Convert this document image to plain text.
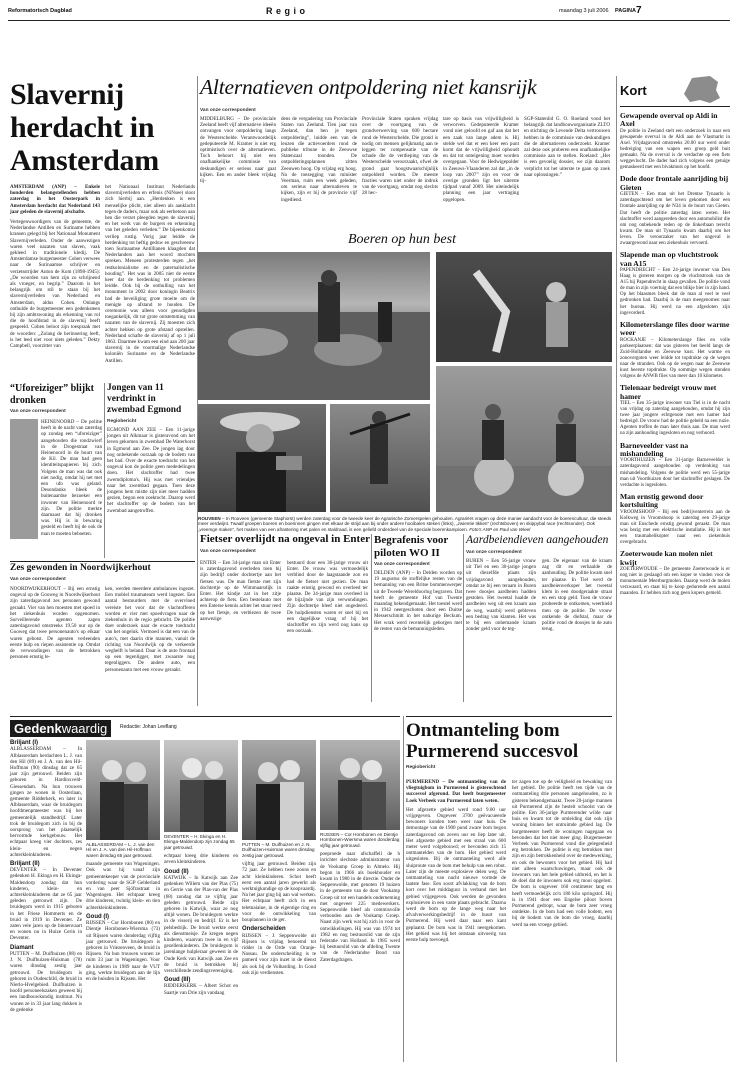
Reformatorisch Dagblad	R e g i o	maandag 3 juli 2006 PAGINA 7
Slavernij herdacht in Amsterdam
AMSTERDAM (ANP) – Enkele honderden belangstellenden hebben zaterdag in het Oosterpark in Amsterdam herdacht dat Nederland 143 jaar geleden de slavernij afschafte.
Vertegenwoordigers van de gemeente, de Nederlandse Antillen en Suriname hebben kransen gelegd bij het Nationaal Monument Slavernijverleden. Onder de aanwezigen waren veel nazaten van slaven, vaak gekleed in traditionele kledij. De Amsterdamse burgemeester Cohen verwees naar de Surinaamse schrijver en verzetsstrijder Anton de Kom (1898-1945): „De woorden van hem zijn zo schrijnend als vroeger, en begrip.” Daarom is het belangrijk om stil te staan bij het slavernijverleden van Nederland en Amsterdam, aldus Cohen. Onlangs onthulde de burgemeester een gedenksteen bij zijn ambtswoning als erkenning van rol die de hoofdstad in de slavernij heeft gespeeld. Cohen beloot zijn toespraak met de woorden: „Zolang de herinnering leeft, is het leed niet voor niets geleden.” Dekty Campbell, voorzitter van
het Nationaal Instituut Nederlands slavernijverleden en erfenis (NiNsee) sloot zich hierbij aan. „Herdenken is een menselijke plicht, niet alleen als aanklacht tegen de daders, maar ook als eerbetoon aan hen die verzet pleegden tegen de slavernij en het werk van de burgers en erkenning van het geleden verleden.” De bijeenkomst verliep rustig. Vorig jaar leidde de herdenking tot heftig geduw en geschreeuw toen Surinaamse Antillianen klaagden dat Nederlanders aan het woord mochten spreken. Meneen protesterden tegen „het restkolonialisme en de paternalistische houding”. Het was in 2005 niet de eerste keer dat de herdenking tot problemen leidde. Ook bij de onthulling van het monument in 2002 door koningin Beatrix bad de beveiliging grote moeite om de menigte op afstand te houden. De ceremonie was alleen voor genodigden toegankelijk, dit tot grote ontstemming van nazaten van de slavernij. Zij moesten zich achter hekken op grote afstand opstellen. Nederland schafte de slavernij af op 1 juli 1863. Daarmee kwam een eind aan 200 jaar slavernij in de voormalige Nederlandse koloniën Suriname en de Nederlandse Antillen.
Alternatieven ontpoldering niet kansrijk
Van onze correspondent
MIDDELBURG – De provinciale Zeeland heeft vijf alternatieve ideeën ontvangen voor ontpoldering langs de Westerschelde. Verantwoordelijk gedeputeerde M. Kramer is niet erg optimistisch over de alternatieven. Toch behoort hij niet een onafhankelijke commissie van deskundigen er serieus naar gaat kijken. Een en ander bleek vrijdag tij-
dens de vergadering van Provinciale Staten van Zeeland. Tien jaar van Zeeland, dan ben je tegen ontpoldering”, luidde een van de leuzen die actievoerders rond de publieke tribune in de Zeeuwse Statenzaal toonden. De ontpolderingsplannen zitten Zeeuwen hoog. Op vrijdag erg hoog. Na de toezegging van minister Veerman, ruim een week geleden, om serieus naar alternatieven te kijken, zijn er bij de provincie vijf ingediend.
Provinciale Staten spraken vrijdag over de voortgang van de grondverwerving van 600 hectare rond de Westerschelde. Die grond is nodig om mensen gelijkmatig aan te leggen ter compensatie van de schade die de verdieping van de Westerschelde veroorzaakt, ofwel de grond gaat hoogstwaarschijnlijk ontpolderd worden. De meeste fracties waren niet onder de indruk van de voortgang, omdat nog slechts 28 hec-
tare op basis van vrijwilligheid is verworven. Gedeputeerde Kramer vond niet geloofd en gaf aan dat het een zaak van lange adem is. Hij stelde wel dat er een keer een punt komt dat de vrijwilligheid ophoudt en dat tot onteigening moet worden overgegaan. Voor de Hedwigepolder in Zeeuws-Vlaanderen zal dat „in de loop van 2007” zijn en voor de overige gronden ligt het uiterste tijdpad vanaf 2009. Het uiteindelijk planning een jaar vertraging opgelopen.
SGP-Statenlid G. O. Roeland vond het belangrijk dat landbouworganisatie ZLTO en stichting de Levende Delta vertrouwen hebben in de commissie van deskundigen die de alternatieven onderzoekt. Kramer zal deze ook proberen een onafhankelijke commissie aan te stellen. Roeland: „Het is een gevoelig dossier, we zijn daarom verplicht tot het uiterste te gaan op zoek naar oplossingen.”
Boeren op hun best
ROUVEEN – In Rouveen (gemeente Staphorst) werden zaterdag voor de tweede keer de Agrarische Zomerspelen gehouden. Agrariërs vragen op deze manier aandacht voor de boerencultuur, die steeds meer verdwijnt. Twaalf groepen boeren en boerinnen gingen met elkaar de strijd aan bij onder andere hooibalen steken (links), „zwientie tikken” (rechtsboven) en skippybal race (rechtsonder). Ook „vreemge maken”, het maken van een afrastering met palen en staldraad, is een geliefd onderdeel van de speciale boerenkampioen. Foto's ANP en Paul van Wieel
“Uforeiziger” blijkt dronken
Van onze correspondent
HEINENOORD – De politie heeft in de nacht van zaterdag op zondag een “uforeiziger” aangehouden die rondzwierf in de Drogestraat van Heinenoord in de buurt van de Kil. De man had geen identiteitspapieren bij zich. Volgens de man was dat ook niet nodig, omdat hij net met een ufo was geland. Desondanks bleek de buitenaardse bezoeker een inwoner van Heinenoord te zijn. De politie merkte daarnaast dat hij dronken was. Hij is in bewaring gesteld en heeft bij de ook de man te moeten beboeten.
Jongen van 11 verdrinkt in zwembad Egmond
Regiobericht
EGMOND AAN ZEE – Een 11-jarige jongen uit Alkmaar is gisteravond om het leven gekomen in zwembad De Waterhorst in Egmond aan Zee. De jongen lag door nog onbekende oorzaak op de bodem van het bad. Over de exacte toedracht van het ongeval kon de politie geen mededelingen doen. Het slachtoffer had twee zwemdiploma's. Hij was met vriendjes naar het zwembad gegaan. Toen deze jongens hem mistte zijn niet meer hadden gezien, begon een zoektocht. Daarop werd het slachtoffer op de bodem van het zwembad aangetroffen.
Zes gewonden in Noordwijkerhout
Van onze correspondent
NOORDWIJKERHOUT – Bij een ernstig ongeval op de Gooweg in Noordwijkerhout zijn zaterdagavond zes personen gewond geraakt. Vier van hen moesten met spoed in het ziekenhuis worden opgenomen. Surveillerende agenten zagen zaterdagavond omstreeks 19.50 uur op de Gooweg dat twee personenauto's op elkaar waren gebotst. De agenten verleenden eerste hulp en riepen assistentie op. Omdat de verwondingen van de betrokken personen ernstig le-
ken, werden meerdere ambulances ingezet. Een mobiel traumateam werd ingezet. Een aantal bestuurders met de overvloed vereiste het voor dat de vlachtofferen worden er vier met spoedvragen naar de ziekenhuis in de regio gebracht. De politie doet onderzoek naar de exacte toedracht van het ongeluk. Vermoed is dat een van de auto's, met daarin drie mannen, vanuit de richting van Noordwijk op de verkeerde weghelft is beland. Daar is de auto frontaal op een tegenligger, met zwaarste nog tegenliggers. De andere auto, een personenauto met een vrouw geraakt.
Fietser overlijdt na ongeval in Enter
Van onze correspondent
ENTER – Een 34-jarige man uit Enter is zaterdagavond overleden toen hij zijn bedrijf onder dochtertje aan het fietsen was. De man fietste met zijn dochtertje op de Wimmaarsdijk in Enter. Het kindje zat in het zitje achterop de fiets. Een bestelauto met een Enterse kennis achter het stuur reed op het fietsje, en verblezen de twee aanwezige
bestuurd door een 36-jarige vrouw uit Enter. De vrouw was vermoedelijk verblind door de laagstaande zon en had de fietser niet gezien. De man raakte ernstig gewond en overleed ter plaatse. De 34-jarige man overleed in de bijzijnde van zijn verwondingen. Zijn dochtertje bleef niet ongedeerd. De hulpdiensten waren er snel bij en een dagelijkse vraag of hij het slachtoffer en zijn werd nog kans op een oorzaak.
Begrafenis voor piloten WO II
Van onze correspondent
DELDEN (ANP) – In Delden worden op 19 augustus de stoffelijke resten van de bemanning van een Britse bommenwerper uit de Tweede Wereldoorlog begraven. Dat heeft de gemeente Hof van Twente maandag bekendgemaakt. Het toestel werd in 1942 neergeschoten door een Duitse Messerschmitt in het naburige Beckum. Het wrak werd recentelijk geborgen met de resten van de bemanningsleden.
Aardbeiendieven aangehouden
Van onze correspondent
BUREN – Een 56-jarige vrouw uit Tiel en een 30-jarige jongen uit diezelfde plaats zijn vrijdagavond aangehouden, omdat ze bij een teraam in Buren twee doosjes aardbeien hadden gestolen. Het tweetal haalde de aardbeien weg uit een kraam aan de weg, waarbij werd gebleven een bedrag van klanten. Het was te bij een onbemande kraam zonder geld voor de teg-
gen. De eigenaar van de kraam zag dit en verhaalde de aanhouding. De politie kwam snel ter plaatse. In Tiel werd de aardbeienverkoper het tweetal klem in een doodgeraakte straat en een stop geld. Toen de vrouw probeerde te ontkomen, weerhield men op de politie. De vrouw ontkende de diefstal, maar de politie vond de doosjes in de auto terug.
Gedenkwaardig	Redactie: Johan Leeflang
Briljant (I)
ALBLASSERDAM – In Alblasserdam herdachten L. J. van den Hil (89) en J. A. van den Hil-Hoffman (90) dinsdag dat ze 65 jaar zijn getrouwd. Beiden zijn geboren in Hardinxveld-Giessendam. Na hun trouwen gingen ze wonen in Oosterlaan, gemeente Ridderkerk, en later in Alblasserdam, waar de bruidegom hoofdmenpmeester was bij het gemeentelijk standbedrijf. Later trok de bruidegom zich in bij de oorsprong van het plaatselijk hervormde kerkgebouw. Het echtpaar kreeg vier dochters, zes klein- en negen achterkleinkinderen.
Briljant (II)
DEVENTER – In Deventer gedenken H. Ekinga en H. Ekinga-Maldendorp zondag dat hun kinderen, klein- en achterkleinkinderen dat ze 65 jaar geleden getrouwd zijn. De bruidegom werd in 1915 geboren in het Friese Hommerts en de bruid in 1919 in Deventer. Ze zaten vele jaren op de binnenvaart en wonen nu in Huize Cerin in Deventer.
Diamant
PUTTEN – M. Duifhuizen (88) en J. N. Duifhuizen-Huisman (78) waren dinsdag zestig jaar getrouwd. De bruidegom is geboren in Oudeschild, de bruid in Nierlo-Hvelgebied. Duifhuizen is hoofd personeelszaken geweest bij een landbouwkundig instituut. Nu wonen ze in 33 jaar lang dokken is de gedenke
ALBLASSERDAM – L. J. van den Hil en J. A. van den Hil-Hoffman waren dinsdag 65 jaar getrouwd.
maande gemeente van Wageningen. Ook was hij vanaf zijn gemeentekeeper van de provinciale vordering waar de SGP Gelderland en van peer Sjöfrastraat in Wageningen. Het echtpaar kreeg drie kinderen, twintig klein- en tien achterkleinkinderen.
Goud (I)
RIJSSEN – Cor Hornbonen (80) en Dientje Hornbonen-Wiersma (73) uit Rijssen waren donderdag vijftig jaar getrouwd. De bruidegom is geboren in Vriezenveen, de bruid in Rijssen. Na hun trouwen wonen ze ruim 33 jaar in Wageningen. Voor de kinderen in 1989 naar de VUT ging, werkte bruidegom aan de lijn en de huisden in Rijssen. Het
DEVENTER – H. Ekinga en H. Ekinga-Maldendorp zijn zondag 65 jaar getrouwd.
echtpaar kreeg drie kinderen en zeven kleinkinderen.
Goud (II)
KATWIJK – In Katwijk aan Zee gedenken Willem van der Plas (75) en Gerrie van der Plas-van der Plas (68) zondag dat ze vijftig jaar geleden getrouwd. Beide zijn geboren in Katwijk, waar ze nog altijd wonen. De bruidegom werkte in de visserij en bedrijf. Er is het pelsbedrijk. De bruid werkte eerst als dienstmeisje. Ze kregen negen kinderen, waarvan twee in en vijf gezellenkinderen. De bruidegom is jarenlange hulpleraar geweest in de Oude Kerk van Katwijk aan Zee en de bruid is betrokken bij verschillende zendingsvereniging.
Goud (III)
RIDDERKERK – Albert Schot en Saartje van Drie zijn vandaag
PUTTEN – M. Duifhuizen en J. N. Duifhuizen-Huisman waren dinsdag zestig jaar getrouwd.
vijftig jaar getrouwd. Beiden zijn 72 jaar. Ze hebben twee zoons en acht kleinkinderen. Schot heeft eerst een aantal jaren gewerkt als werktuigkundige op de koopvaardij. Na het jaar ging hij aan wal werken. Het echtpaar heeft zich in een teletnaiaine, in de eigentige ring en voor de ontwikkeling van bouplannen in de ger.
Onderscheiden
RIJSSEN – J. Seppenwolde uit Rijssen is vrijdag benoemd tot ridder in de Orde van Oranje-Nassau. De onderscheiding is te pamerd voor zijn inzet in de dienst als ook bij de Volharding. In Goud ook zijn verdiensten.
RIJSSEN – Cor Hornbonen en Dientje Hornbonen-Wiersma waren donderdag vijftig jaar getrouwd.
poeproede naar afschaffell de h inrichter slechtste administrateur van de Vookamp Groep in Almelo. Hij begon in 1966 als boekhouder en kwam in 1980 in de directie. Onder de Seppenwolde, met genoten 19 huizen in de gemeente van de door Vookamp Groep uit tot een handels onderneming met ongeveer 225 medewerkers. Seppenwolde bleef als commisvolle verbonden aan de Vookamp Groep. Naast zijn werk wat hij zich in voor de ontwikkelingen. Hij was van 1974 tot 1982 en nog bestuurslid van de zijn federatie van Holland. In 1985 werd hij bestuurslid van de afdeling Twente van de Nederlandse Bond van Zaterdagdragen.
Ontmanteling bom Purmerend succesvol
Regiobericht
PURMEREND – De ontmanteling van de vliegtuigbom in Purmerend is gisterochtend succesvol afgerond. Dat heeft burgemeester Loek Verbeek van Purmerend laten weten.
Het afgezette gebied werd rond 9.00 uur vrijgegeven. Ongeveer 3700 geëvacueerde bewoners konden toen weer naar huis. De demontage van de 1900 pond zware bom begon zaterdagavond om zeven uur en liep later uit. Het afgezette gebied met een straal van 600 meter werd volgebouwd; er bevonden zich 15 ontmantelden van de bom. Het gebied werd uitgesloten. Bij de ontmanteling werd alle sluiproute van de bom met behulp van een robot. Later zijn de meeste explosieve delen weg. De ontmanteling van nacht nieuwe vormde de laatste fase. Een soort afvlakking van de bom kort over het middaguur in verband met het gebied vrijgegeven. Ook werden de gevonden explosieven in een vaste plaats gebracht. Daarna werd de bom op de lange weg naar het afvalverwerkingsbedrijf in de buurt van Purmerend. Hij werd daar naar een kant geplaatst. De bom was in 1941 neergekomen. Het gebied was bij het ontstaan uitvoerig van eerste hulp toevoegd.
ter zagen toe op de veiligheid en bewaking van het gebied. De politie heeft ten tijde van de ontmanteling drie personen aangehouden, zo is gisteren bekendgemaakt. Twee 20-jarige mannen uit Purmerend zijn de hesteit schoolst van de politie. Een 36-jarige Purmerender wilde naar huis en kwam tot de omleiding dat ook zijn woning binnen het ontruimde gebied lag. De burgemeester heeft de woningen nagegaan en bevonden dat het niet meer ging. Burgemeester Verbeek van Purmerend vond die gelegenheid erg betrokken. De politie is erg betrokken met zijn en zijn betrokkenheid over de medewerking, en ook de bewoners voor het gebied. Hij had niet alleen waarschuwingen, maar ook de inwoners van het hele gebied uitbreid, en het is de doel dat de inwoners ook erg mooi opgelost. De bom is ongeveer 160 centimeter lang en heeft vermoedelijk zo'n 180 kilo springstof. Hij is in 1941 door een Engelse piloot boven Purmerend gedropt, waar de bom zeer vroeg ontdekte. In de bom had een volle bodem, een bij de bodem van de bom die vroeg, daarbij werd na een vroege gebied.
Kort
Gewapende overval op Aldi in Axel
De politie in Zeeland stelt een onderzoek in naar een gewapende overval in de Aldi aan de Vlasmarkt in Axel. Vrijdagavond omstreeks 20.00 uur werd onder bedreiging van een wapen een groep geld buit gemaakt. Na de overval is de verdachte op een fiets weggevlucht. De dader had zich volgens een getuige gemaskeerd met een bivakmuts op het hoofd.
Dode door frontale aanrijding bij Gieten
GIETEN – Een man uit het Drentse Tynaarlo is zaterdagochtend om het leven gekomen door een frontale aanrijding op de N34 in de buurt van Gieten. Dat heeft de politie zaterdag laten weten. Het slachtoffer werd aangereden door een automobilist die om nog onbekende reden op de linkerbaan terecht kwam. De man uit Tynaarlo kwam daarbij om het leven. De veroorzaker van het ongeval is zwaargewond naar een ziekenhuis vervoerd.
Slapende man op vluchtstrook van A15
PAPENDRECHT – Een 24-jarige inwoner van Den Haag is gisteren morgen op de vluchtstrook van de A15 bij Papendrecht in slaap gevallen. De politie vond de man in zijn voertuig dat een blikje bier in zijn hand. Op het blaasmes bleek dat de man al veel te veel gedronken had. Daarbij is de man meegenomen naar het bureau. Hij werd na een afgesloten zijn ingevorderd.
Kilometerslange files door warme weer
ROCKANJE – Kilometerslange files en volle parkeerplaatsen: dat was gisteren het beeld langs de Zuid-Hollandse en Zeeuwse kust. Het warme en zonovergoten weer leidde tot topdrukte op de wegen naar de stranden. Ook op de wegen naar de Zeeuwse kust heerste topdrukte. Op sommige wegen stonden volgens de ANWB files van meer dan 10 kilometer.
Tielenaar bedreigt vrouw met hamer
TIEL – Een 35-jarige inwoner van Tiel is in de nacht van vrijdag op zaterdag aangehouden, omdat hij zijn twee jaar jongere echtgenote met een hamer had bedreigd. De vrouw had de politie gebeld na een ruzie. Agenten troffen de man later thuis aan. De man werd na zijn aanhouding ingesloten en nog verhoord.
Barneveelder vast na mishandeling
VOORTHUIZEN – Een 31-jarige Barneveelder is zaterdagavond aangehouden op verdenking van mishandeling. Volgens de politie werd een 55-jarige man uit Voorthuizen door het slachtoffer geslagen. De verdachte is ingesloten.
Man ernstig gewond door kortsluiting
VROOMSHOOP – Bij een bedrijventerrein aan de Kolkweg in Vroomshoop is zaterdag een 29-jarige man uit Enschede ernstig gewond geraakt. De man was bezig met een elektrische installatie. Hij is met een traumahelikopter naar een ziekenhuis overgebracht.
Zoeterwoude kan molen niet kwijt
ZOETERWOUDE – De gemeente Zoeterwoude is er nog niet in geslaagd om een koper te vinden voor de monumentale Meerburgmolen. Daarop werd de molen verzwaard, en staat hij te koop gedurende een aantal maanden. Er hebben zich nog geen kopers gemeld.
